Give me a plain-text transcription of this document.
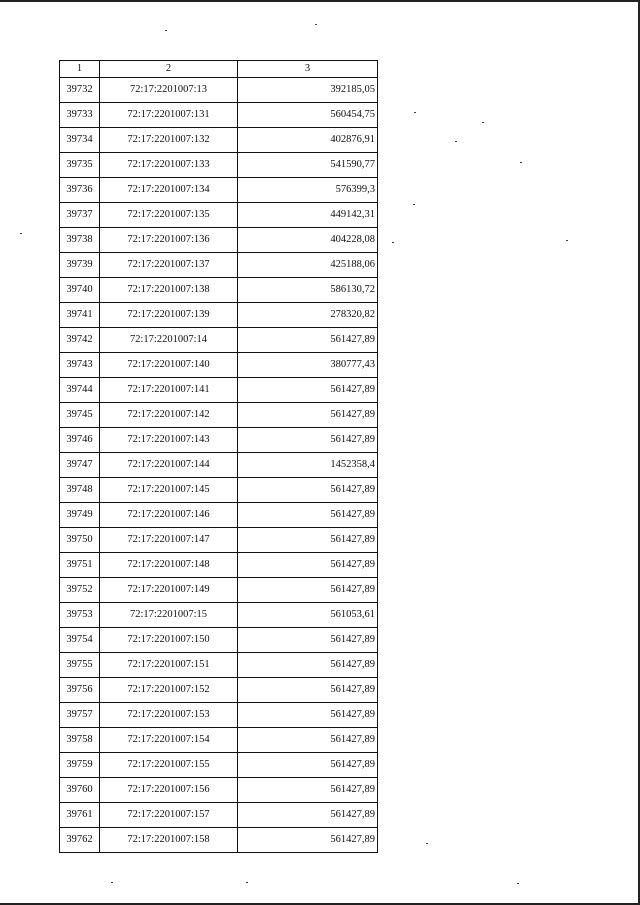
1	2	3
39732	72:17:2201007:13	392185,05
39733	72:17:2201007:131	560454,75
39734	72:17:2201007:132	402876,91
39735	72:17:2201007:133	541590,77
39736	72:17:2201007:134	576399,3
39737	72:17:2201007:135	449142,31
39738	72:17:2201007:136	404228,08
39739	72:17:2201007:137	425188,06
39740	72:17:2201007:138	586130,72
39741	72:17:2201007:139	278320,82
39742	72:17:2201007:14	561427,89
39743	72:17:2201007:140	380777,43
39744	72:17:2201007:141	561427,89
39745	72:17:2201007:142	561427,89
39746	72:17:2201007:143	561427,89
39747	72:17:2201007:144	1452358,4
39748	72:17:2201007:145	561427,89
39749	72:17:2201007:146	561427,89
39750	72:17:2201007:147	561427,89
39751	72:17:2201007:148	561427,89
39752	72:17:2201007:149	561427,89
39753	72:17:2201007:15	561053,61
39754	72:17:2201007:150	561427,89
39755	72:17:2201007:151	561427,89
39756	72:17:2201007:152	561427,89
39757	72:17:2201007:153	561427,89
39758	72:17:2201007:154	561427,89
39759	72:17:2201007:155	561427,89
39760	72:17:2201007:156	561427,89
39761	72:17:2201007:157	561427,89
39762	72:17:2201007:158	561427,89
